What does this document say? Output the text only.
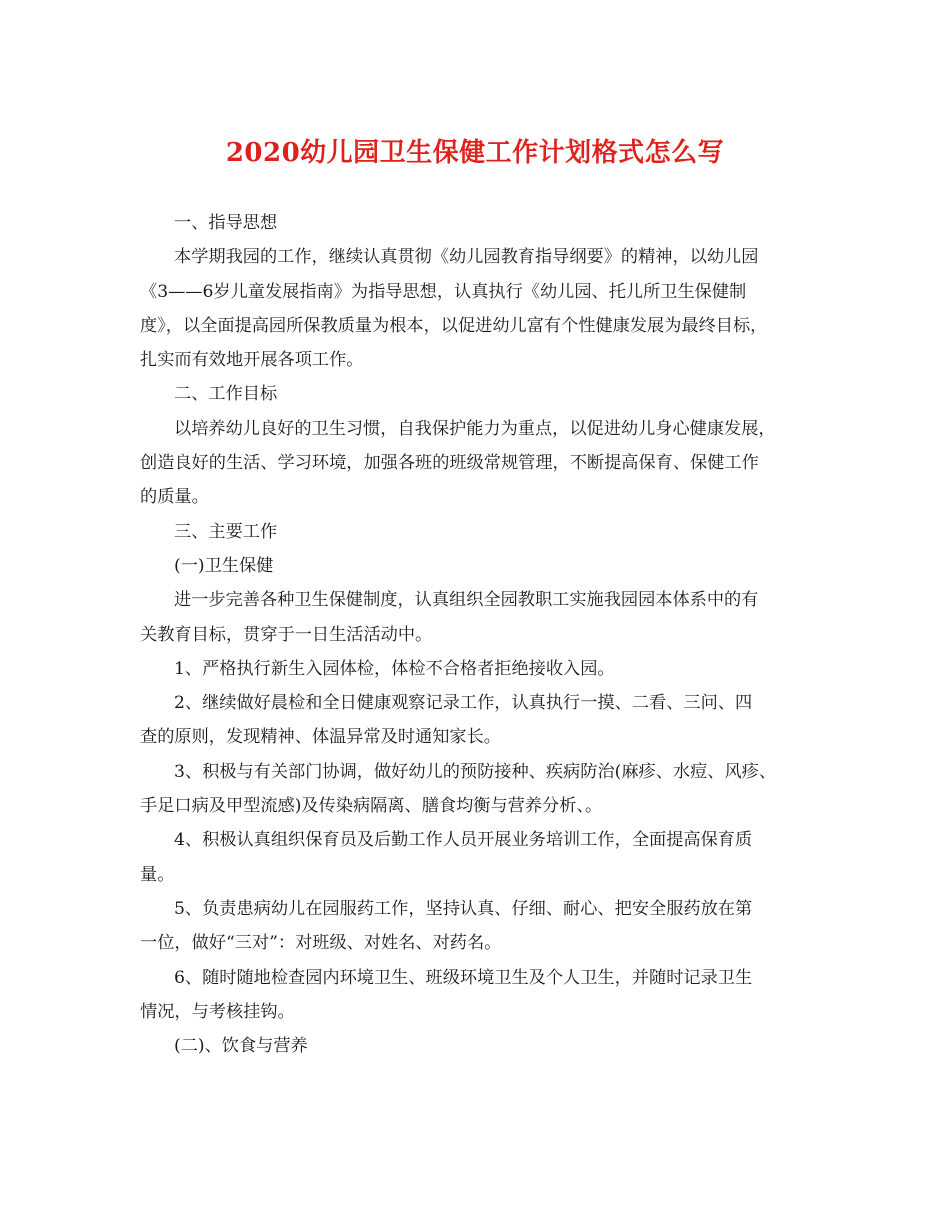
2020幼儿园卫生保健工作计划格式怎么写
一、指导思想
本学期我园的工作，继续认真贯彻《幼儿园教育指导纲要》的精神，以幼儿园
《3——6岁儿童发展指南》为指导思想，认真执行《幼儿园、托儿所卫生保健制
度》，以全面提高园所保教质量为根本，以促进幼儿富有个性健康发展为最终目标，
扎实而有效地开展各项工作。
二、工作目标
以培养幼儿良好的卫生习惯，自我保护能力为重点，以促进幼儿身心健康发展，
创造良好的生活、学习环境，加强各班的班级常规管理，不断提高保育、保健工作
的质量。
三、主要工作
(一)卫生保健
进一步完善各种卫生保健制度，认真组织全园教职工实施我园园本体系中的有
关教育目标，贯穿于一日生活活动中。
1、严格执行新生入园体检，体检不合格者拒绝接收入园。
2、继续做好晨检和全日健康观察记录工作，认真执行一摸、二看、三问、四
查的原则，发现精神、体温异常及时通知家长。
3、积极与有关部门协调，做好幼儿的预防接种、疾病防治(麻疹、水痘、风疹、
手足口病及甲型流感)及传染病隔离、膳食均衡与营养分析、。
4、积极认真组织保育员及后勤工作人员开展业务培训工作，全面提高保育质
量。
5、负责患病幼儿在园服药工作，坚持认真、仔细、耐心、把安全服药放在第
一位，做好“三对”：对班级、对姓名、对药名。
6、随时随地检查园内环境卫生、班级环境卫生及个人卫生，并随时记录卫生
情况，与考核挂钩。
(二)、饮食与营养
